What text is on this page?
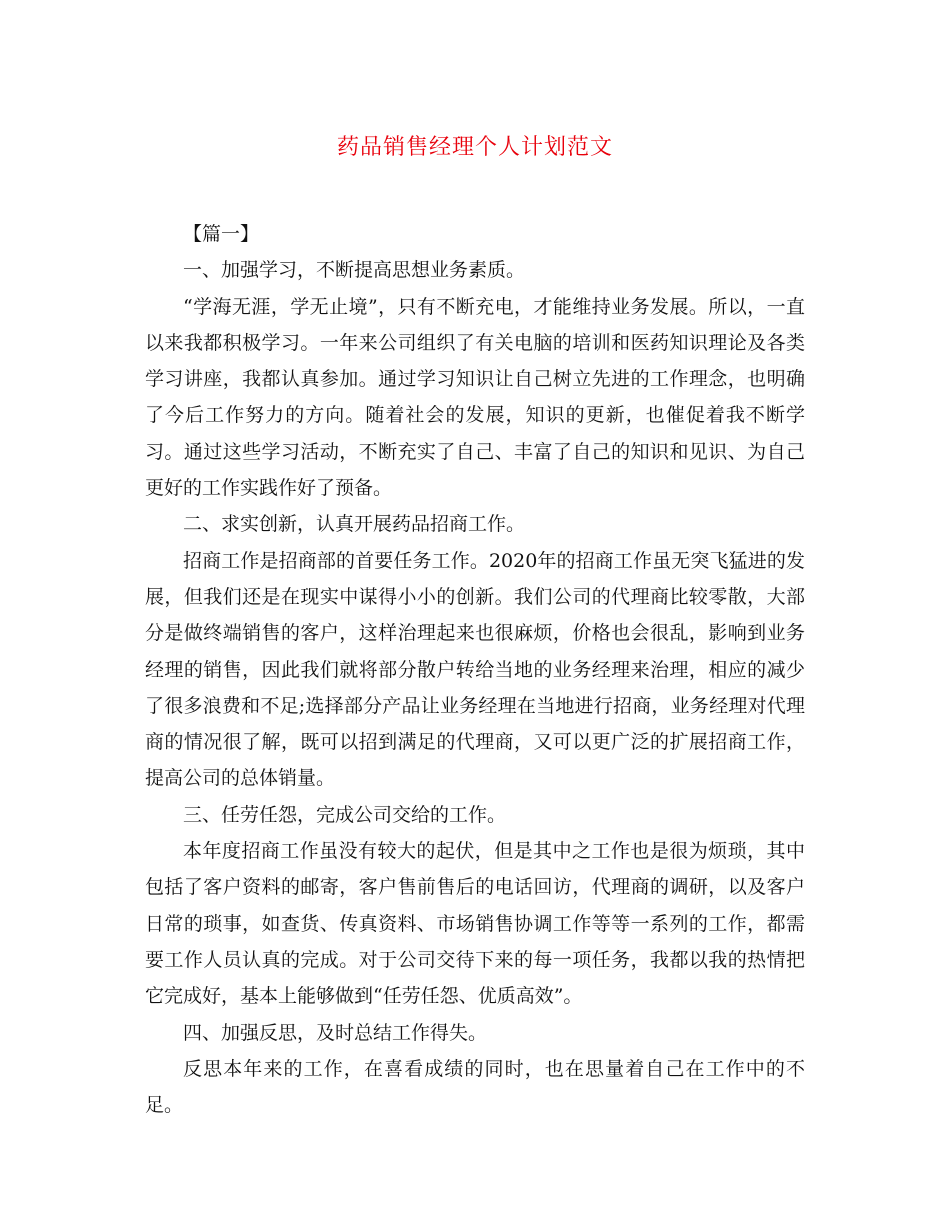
药品销售经理个人计划范文

【篇一】

一、加强学习，不断提高思想业务素质。

“学海无涯，学无止境”，只有不断充电，才能维持业务发展。所以，一直以来我都积极学习。一年来公司组织了有关电脑的培训和医药知识理论及各类学习讲座，我都认真参加。通过学习知识让自己树立先进的工作理念，也明确了今后工作努力的方向。随着社会的发展，知识的更新，也催促着我不断学习。通过这些学习活动，不断充实了自己、丰富了自己的知识和见识、为自己更好的工作实践作好了预备。

二、求实创新，认真开展药品招商工作。

招商工作是招商部的首要任务工作。2020年的招商工作虽无突飞猛进的发展，但我们还是在现实中谋得小小的创新。我们公司的代理商比较零散，大部分是做终端销售的客户，这样治理起来也很麻烦，价格也会很乱，影响到业务经理的销售，因此我们就将部分散户转给当地的业务经理来治理，相应的减少了很多浪费和不足;选择部分产品让业务经理在当地进行招商，业务经理对代理商的情况很了解，既可以招到满足的代理商，又可以更广泛的扩展招商工作，提高公司的总体销量。

三、任劳任怨，完成公司交给的工作。

本年度招商工作虽没有较大的起伏，但是其中之工作也是很为烦琐，其中包括了客户资料的邮寄，客户售前售后的电话回访，代理商的调研，以及客户日常的琐事，如查货、传真资料、市场销售协调工作等等一系列的工作，都需要工作人员认真的完成。对于公司交待下来的每一项任务，我都以我的热情把它完成好，基本上能够做到“任劳任怨、优质高效”。

四、加强反思，及时总结工作得失。

反思本年来的工作，在喜看成绩的同时，也在思量着自己在工作中的不足。
